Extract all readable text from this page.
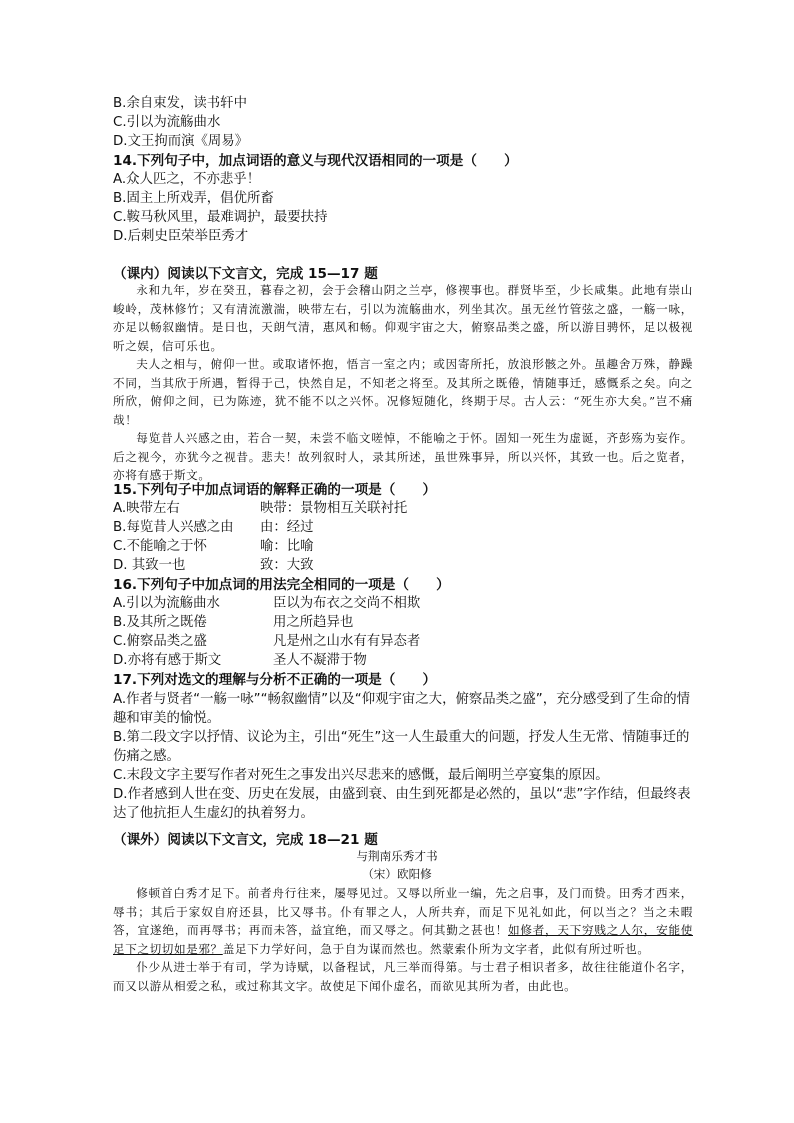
B.余自束发，读书轩中
C.引以为流觞曲水
D.文王拘而演《周易》
14.下列句子中，加点词语的意义与现代汉语相同的一项是（　　）
A.众人匹之，不亦悲乎！
B.固主上所戏弄，倡优所畜
C.鞍马秋风里，最难调护，最要扶持
D.后刺史臣荣举臣秀才
（课内）阅读以下文言文，完成 15—17 题

永和九年，岁在癸丑，暮春之初，会于会稽山阴之兰亭，修禊事也。群贤毕至，少长咸集。此地有崇山峻岭，茂林修竹；又有清流激湍，映带左右，引以为流觞曲水，列坐其次。虽无丝竹管弦之盛，一觞一咏，亦足以畅叙幽情。是日也，天朗气清，惠风和畅。仰观宇宙之大，俯察品类之盛，所以游目骋怀，足以极视听之娱，信可乐也。

夫人之相与，俯仰一世。或取诸怀抱，悟言一室之内；或因寄所托，放浪形骸之外。虽趣舍万殊，静躁不同，当其欣于所遇，暂得于己，快然自足，不知老之将至。及其所之既倦，情随事迁，感慨系之矣。向之所欣，俯仰之间，已为陈迹，犹不能不以之兴怀。况修短随化，终期于尽。古人云：“死生亦大矣。”岂不痛哉！

每览昔人兴感之由，若合一契，未尝不临文嗟悼，不能喻之于怀。固知一死生为虚诞，齐彭殇为妄作。后之视今，亦犹今之视昔。悲夫！故列叙时人，录其所述，虽世殊事异，所以兴怀，其致一也。后之览者，亦将有感于斯文。

15.下列句子中加点词语的解释正确的一项是（　　）
A.映带左右	映带：景物相互关联衬托
B.每览昔人兴感之由 由：经过
C.不能喻之于怀	喻：比喻
D. 其致一也	致：大致
16.下列句子中加点词的用法完全相同的一项是（　　）
A.引以为流觞曲水	臣以为布衣之交尚不相欺
B.及其所之既倦	用之所趋异也
C.俯察品类之盛	凡是州之山水有有异态者
D.亦将有感于斯文	圣人不凝滞于物
17.下列对选文的理解与分析不正确的一项是（　　）
A.作者与贤者“一觞一咏”“畅叙幽情”以及“仰观宇宙之大，俯察品类之盛”，充分感受到了生命的情趣和审美的愉悦。
B.第二段文字以抒情、议论为主，引出“死生”这一人生最重大的问题，抒发人生无常、情随事迁的伤痛之感。
C.末段文字主要写作者对死生之事发出兴尽悲来的感慨，最后阐明兰亭宴集的原因。
D.作者感到人世在变、历史在发展，由盛到衰、由生到死都是必然的，虽以“悲”字作结，但最终表达了他抗拒人生虚幻的执着努力。
（课外）阅读以下文言文，完成 18—21 题
与荆南乐秀才书
（宋）欧阳修

修顿首白秀才足下。前者舟行往来，屡辱见过。又辱以所业一编，先之启事，及门而贽。田秀才西来，辱书；其后于家奴自府还县，比又辱书。仆有罪之人，人所共弃，而足下见礼如此，何以当之？当之未暇答，宜遂绝，而再辱书；再而未答，益宜绝，而又辱之。何其勤之甚也！如修者，天下穷贱之人尔，安能使足下之切切如是邪？盖足下力学好问，急于自为谋而然也。然蒙索仆所为文字者，此似有所过听也。

仆少从进士举于有司，学为诗赋，以备程试，凡三举而得第。与士君子相识者多，故往往能道仆名字，而又以游从相爱之私，或过称其文字。故使足下闻仆虚名，而欲见其所为者，由此也。
